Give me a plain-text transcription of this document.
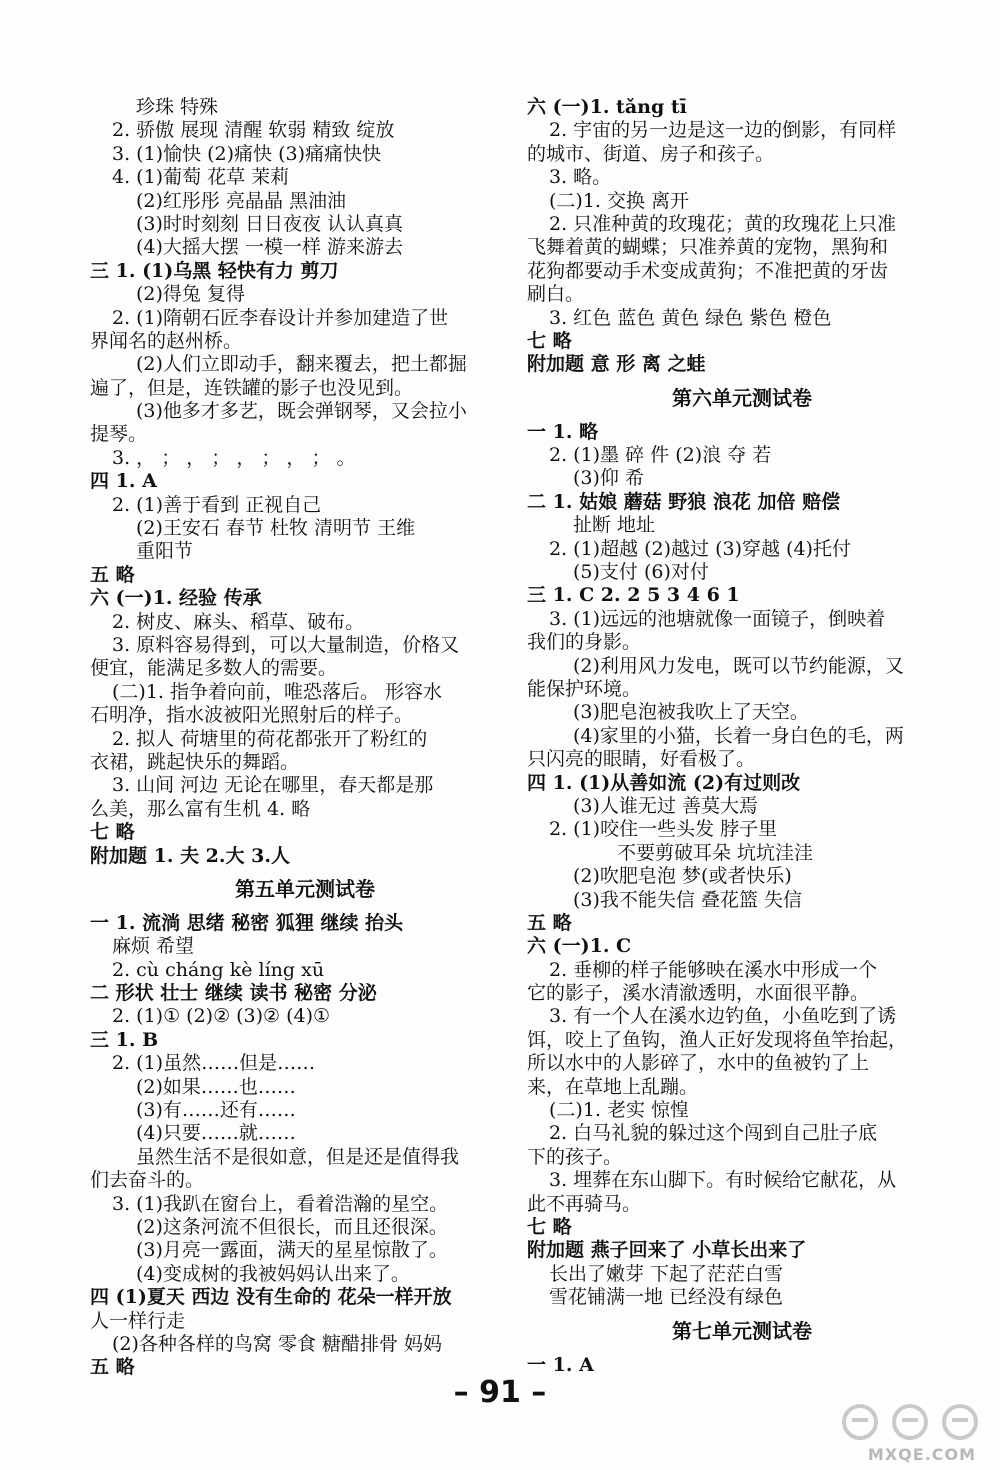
珍珠 特殊
2. 骄傲 展现 清醒 软弱 精致 绽放
3. (1)愉快 (2)痛快 (3)痛痛快快
4. (1)葡萄 花草 茉莉
(2)红彤彤 亮晶晶 黑油油
(3)时时刻刻 日日夜夜 认认真真
(4)大摇大摆 一模一样 游来游去
三 1. (1)乌黑 轻快有力 剪刀
(2)得兔 复得
2. (1)隋朝石匠李春设计并参加建造了世
界闻名的赵州桥。
(2)人们立即动手，翻来覆去，把土都掘
遍了，但是，连铁罐的影子也没见到。
(3)他多才多艺，既会弹钢琴，又会拉小
提琴。
3. ， ； ， ； ， ； ， ； 。
四 1. A
2. (1)善于看到 正视自己
(2)王安石 春节 杜牧 清明节 王维
重阳节
五 略
六 (一)1. 经验 传承
2. 树皮、麻头、稻草、破布。
3. 原料容易得到，可以大量制造，价格又
便宜，能满足多数人的需要。
(二)1. 指争着向前，唯恐落后。 形容水
石明净，指水波被阳光照射后的样子。
2. 拟人 荷塘里的荷花都张开了粉红的
衣裙，跳起快乐的舞蹈。
3. 山间 河边 无论在哪里，春天都是那
么美，那么富有生机 4. 略
七 略
附加题 1. 夫 2.大 3.人
第五单元测试卷
一 1. 流淌 思绪 秘密 狐狸 继续 抬头
麻烦 希望
2. cù cháng kè líng xū
二 形状 壮士 继续 读书 秘密 分泌
2. (1)① (2)② (3)② (4)①
三 1. B
2. (1)虽然……但是……
(2)如果……也……
(3)有……还有……
(4)只要……就……
虽然生活不是很如意，但是还是值得我
们去奋斗的。
3. (1)我趴在窗台上，看着浩瀚的星空。
(2)这条河流不但很长，而且还很深。
(3)月亮一露面，满天的星星惊散了。
(4)变成树的我被妈妈认出来了。
四 (1)夏天 西边 没有生命的 花朵一样开放
人一样行走
(2)各种各样的鸟窝 零食 糖醋排骨 妈妈
五 略
六 (一)1. tǎng tī
2. 宇宙的另一边是这一边的倒影，有同样
的城市、街道、房子和孩子。
3. 略。
(二)1. 交换 离开
2. 只准种黄的玫瑰花；黄的玫瑰花上只准
飞舞着黄的蝴蝶；只准养黄的宠物，黑狗和
花狗都要动手术变成黄狗；不准把黄的牙齿
刷白。
3. 红色 蓝色 黄色 绿色 紫色 橙色
七 略
附加题 意 形 离 之蛙
第六单元测试卷
一 1. 略
2. (1)墨 碎 件 (2)浪 夺 若
(3)仰 希
二 1. 姑娘 蘑菇 野狼 浪花 加倍 赔偿
扯断 地址
2. (1)超越 (2)越过 (3)穿越 (4)托付
(5)支付 (6)对付
三 1. C 2. 2 5 3 4 6 1
3. (1)远远的池塘就像一面镜子，倒映着
我们的身影。
(2)利用风力发电，既可以节约能源，又
能保护环境。
(3)肥皂泡被我吹上了天空。
(4)家里的小猫，长着一身白色的毛，两
只闪亮的眼睛，好看极了。
四 1. (1)从善如流 (2)有过则改
(3)人谁无过 善莫大焉
2. (1)咬住一些头发 脖子里
不要剪破耳朵 坑坑洼洼
(2)吹肥皂泡 梦(或者快乐)
(3)我不能失信 叠花篮 失信
五 略
六 (一)1. C
2. 垂柳的样子能够映在溪水中形成一个
它的影子，溪水清澈透明，水面很平静。
3. 有一个人在溪水边钓鱼，小鱼吃到了诱
饵，咬上了鱼钩，渔人正好发现将鱼竿抬起，
所以水中的人影碎了，水中的鱼被钓了上
来，在草地上乱蹦。
(二)1. 老实 惊惶
2. 白马礼貌的躲过这个闯到自己肚子底
下的孩子。
3. 埋葬在东山脚下。有时候给它献花，从
此不再骑马。
七 略
附加题 燕子回来了 小草长出来了
长出了嫩芽 下起了茫茫白雪
雪花铺满一地 已经没有绿色
第七单元测试卷
一 1. A
– 91 –
MXQE.COM
